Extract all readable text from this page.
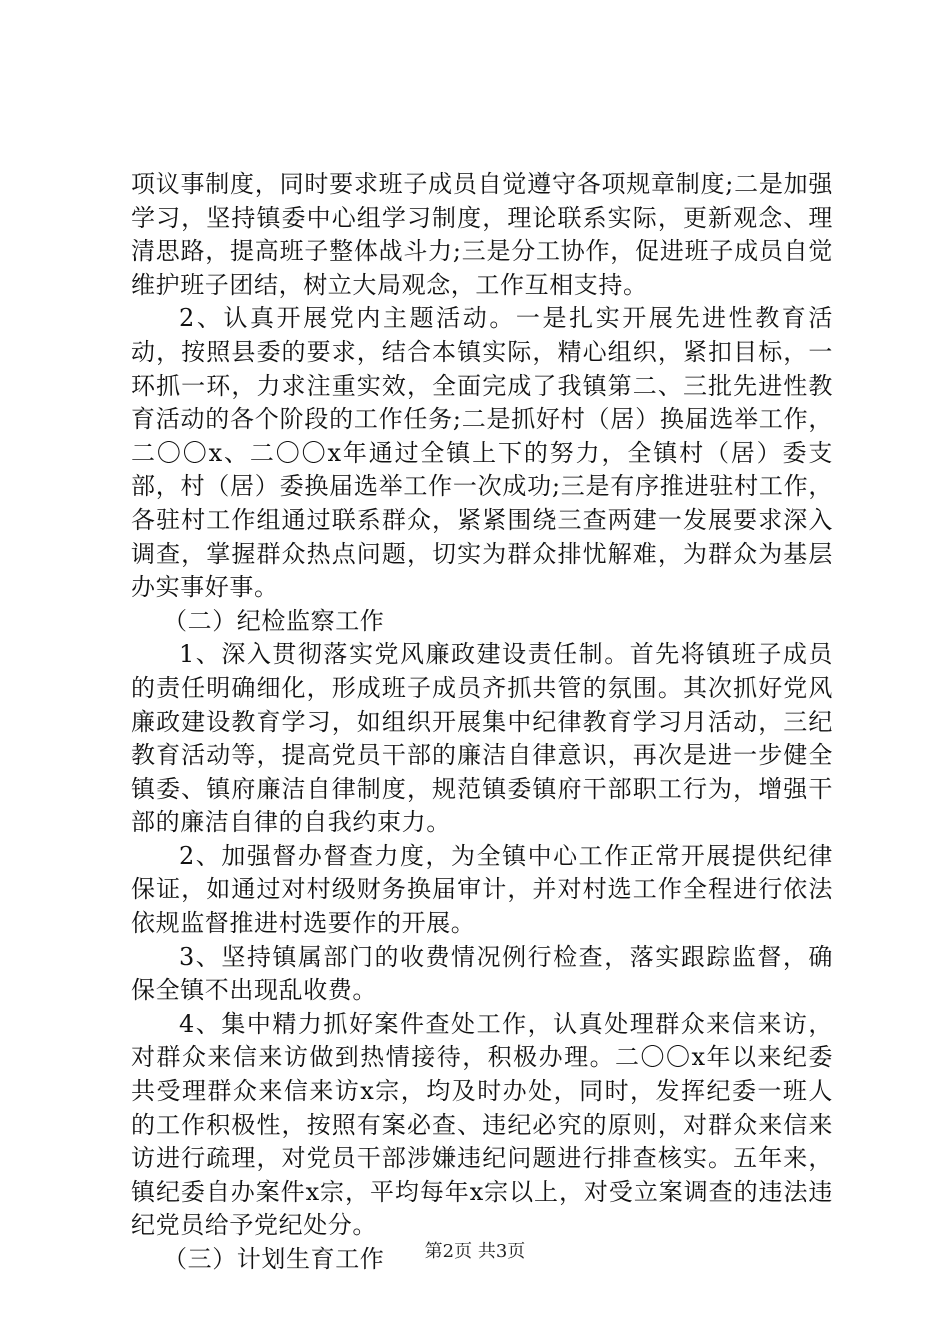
项议事制度，同时要求班子成员自觉遵守各项规章制度;二是加强学习，坚持镇委中心组学习制度，理论联系实际，更新观念、理清思路，提高班子整体战斗力;三是分工协作，促进班子成员自觉维护班子团结，树立大局观念，工作互相支持。

2、认真开展党内主题活动。一是扎实开展先进性教育活动，按照县委的要求，结合本镇实际，精心组织，紧扣目标，一环抓一环，力求注重实效，全面完成了我镇第二、三批先进性教育活动的各个阶段的工作任务;二是抓好村（居）换届选举工作，二〇〇x、二〇〇x年通过全镇上下的努力，全镇村（居）委支部，村（居）委换届选举工作一次成功;三是有序推进驻村工作，各驻村工作组通过联系群众，紧紧围绕三查两建一发展要求深入调查，掌握群众热点问题，切实为群众排忧解难，为群众为基层办实事好事。

（二）纪检监察工作

1、深入贯彻落实党风廉政建设责任制。首先将镇班子成员的责任明确细化，形成班子成员齐抓共管的氛围。其次抓好党风廉政建设教育学习，如组织开展集中纪律教育学习月活动，三纪教育活动等，提高党员干部的廉洁自律意识，再次是进一步健全镇委、镇府廉洁自律制度，规范镇委镇府干部职工行为，增强干部的廉洁自律的自我约束力。

2、加强督办督查力度，为全镇中心工作正常开展提供纪律保证，如通过对村级财务换届审计，并对村选工作全程进行依法依规监督推进村选要作的开展。

3、坚持镇属部门的收费情况例行检查，落实跟踪监督，确保全镇不出现乱收费。

4、集中精力抓好案件查处工作，认真处理群众来信来访，对群众来信来访做到热情接待，积极办理。二〇〇x年以来纪委共受理群众来信来访x宗，均及时办处，同时，发挥纪委一班人的工作积极性，按照有案必查、违纪必究的原则，对群众来信来访进行疏理，对党员干部涉嫌违纪问题进行排查核实。五年来，镇纪委自办案件x宗，平均每年x宗以上，对受立案调查的违法违纪党员给予党纪处分。

（三）计划生育工作	第2页 共3页
